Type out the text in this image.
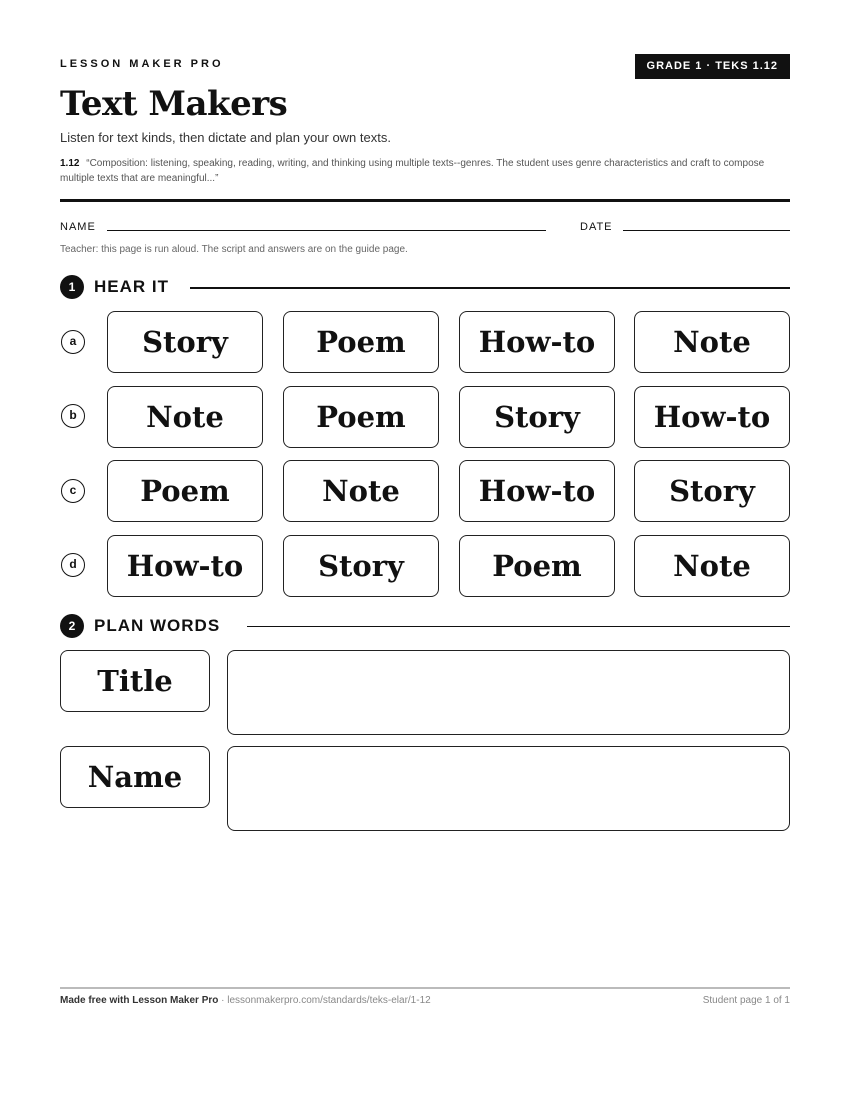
LESSON MAKER PRO	GRADE 1 · TEKS 1.12
Text Makers
Listen for text kinds, then dictate and plan your own texts.
1.12 “Composition: listening, speaking, reading, writing, and thinking using multiple texts--genres. The student uses genre characteristics and craft to compose multiple texts that are meaningful...”
NAME	DATE
Teacher: this page is run aloud. The script and answers are on the guide page.
1	HEAR IT
a	Story	Poem	How-to	Note
b	Note	Poem	Story	How-to
c	Poem	Note	How-to	Story
d	How-to	Story	Poem	Note
2	PLAN WORDS
Title
Name
Made free with Lesson Maker Pro · lessonmakerpro.com/standards/teks-elar/1-12	Student page 1 of 1
